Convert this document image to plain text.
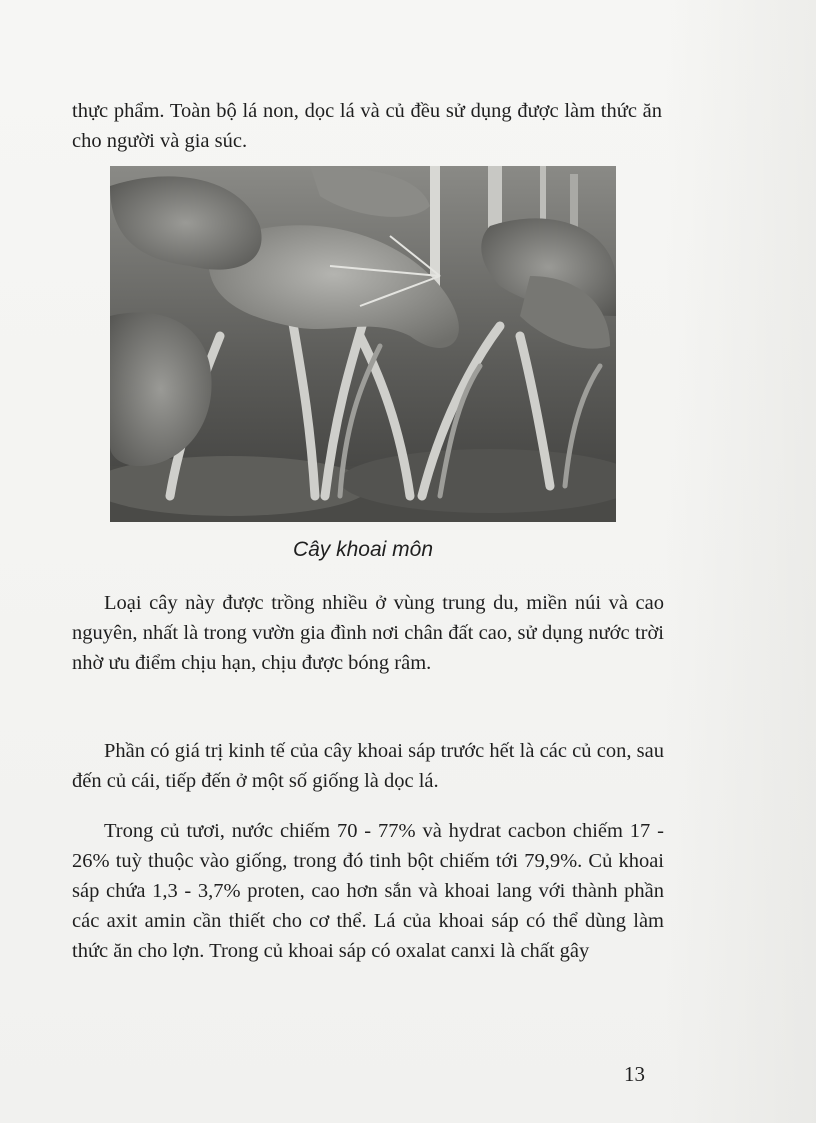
thực phẩm. Toàn bộ lá non, dọc lá và củ đều sử dụng được làm thức ăn cho người và gia súc.

Cây khoai môn

Loại cây này được trồng nhiều ở vùng trung du, miền núi và cao nguyên, nhất là trong vườn gia đình nơi chân đất cao, sử dụng nước trời nhờ ưu điểm chịu hạn, chịu được bóng râm.

Phần có giá trị kinh tế của cây khoai sáp trước hết là các củ con, sau đến củ cái, tiếp đến ở một số giống là dọc lá.

Trong củ tươi, nước chiếm 70 - 77% và hydrat cacbon chiếm 17 - 26% tuỳ thuộc vào giống, trong đó tinh bột chiếm tới 79,9%. Củ khoai sáp chứa 1,3 - 3,7% proten, cao hơn sắn và khoai lang với thành phần các axit amin cần thiết cho cơ thể. Lá của khoai sáp có thể dùng làm thức ăn cho lợn. Trong củ khoai sáp có oxalat canxi là chất gây

13
